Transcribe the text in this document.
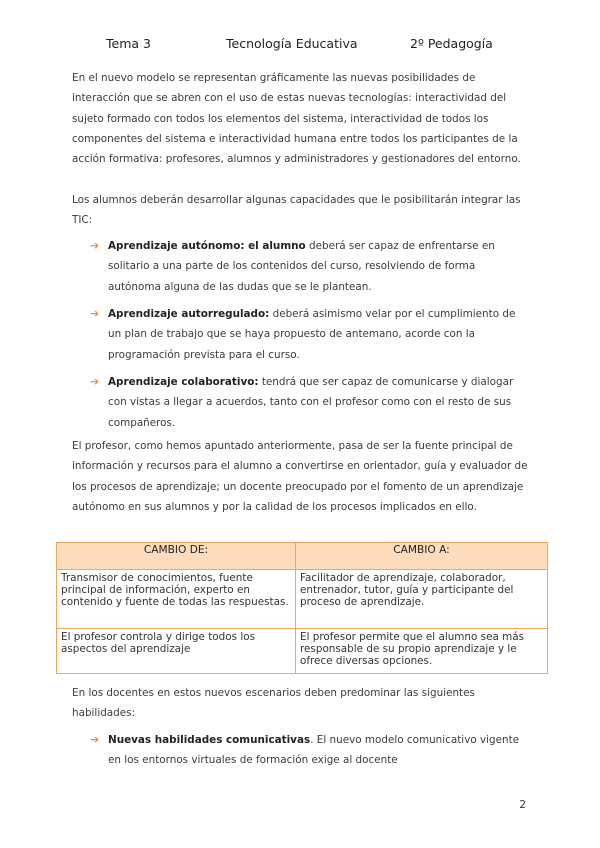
Tema 3	Tecnología Educativa	2º Pedagogía
En el nuevo modelo se representan gráficamente las nuevas posibilidades de interacción que se abren con el uso de estas nuevas tecnologías: interactividad del sujeto formado con todos los elementos del sistema, interactividad de todos los componentes del sistema e interactividad humana entre todos los participantes de la acción formativa: profesores, alumnos y administradores y gestionadores del entorno.
Los alumnos deberán desarrollar algunas capacidades que le posibilitarán integrar las TIC:
➔ Aprendizaje autónomo: el alumno deberá ser capaz de enfrentarse en solitario a una parte de los contenidos del curso, resolviendo de forma autónoma alguna de las dudas que se le plantean.
➔ Aprendizaje autorregulado: deberá asimismo velar por el cumplimiento de un plan de trabajo que se haya propuesto de antemano, acorde con la programación prevista para el curso.
➔ Aprendizaje colaborativo: tendrá que ser capaz de comunicarse y dialogar con vistas a llegar a acuerdos, tanto con el profesor como con el resto de sus compañeros.
El profesor, como hemos apuntado anteriormente, pasa de ser la fuente principal de información y recursos para el alumno a convertirse en orientador, guía y evaluador de los procesos de aprendizaje; un docente preocupado por el fomento de un aprendizaje autónomo en sus alumnos y por la calidad de los procesos implicados en ello.
CAMBIO DE:	CAMBIO A:
Transmisor de conocimientos, fuente principal de información, experto en contenido y fuente de todas las respuestas.	Facilitador de aprendizaje, colaborador, entrenador, tutor, guía y participante del proceso de aprendizaje.
El profesor controla y dirige todos los aspectos del aprendizaje	El profesor permite que el alumno sea más responsable de su propio aprendizaje y le ofrece diversas opciones.
En los docentes en estos nuevos escenarios deben predominar las siguientes habilidades:
➔ Nuevas habilidades comunicativas. El nuevo modelo comunicativo vigente en los entornos virtuales de formación exige al docente
2
